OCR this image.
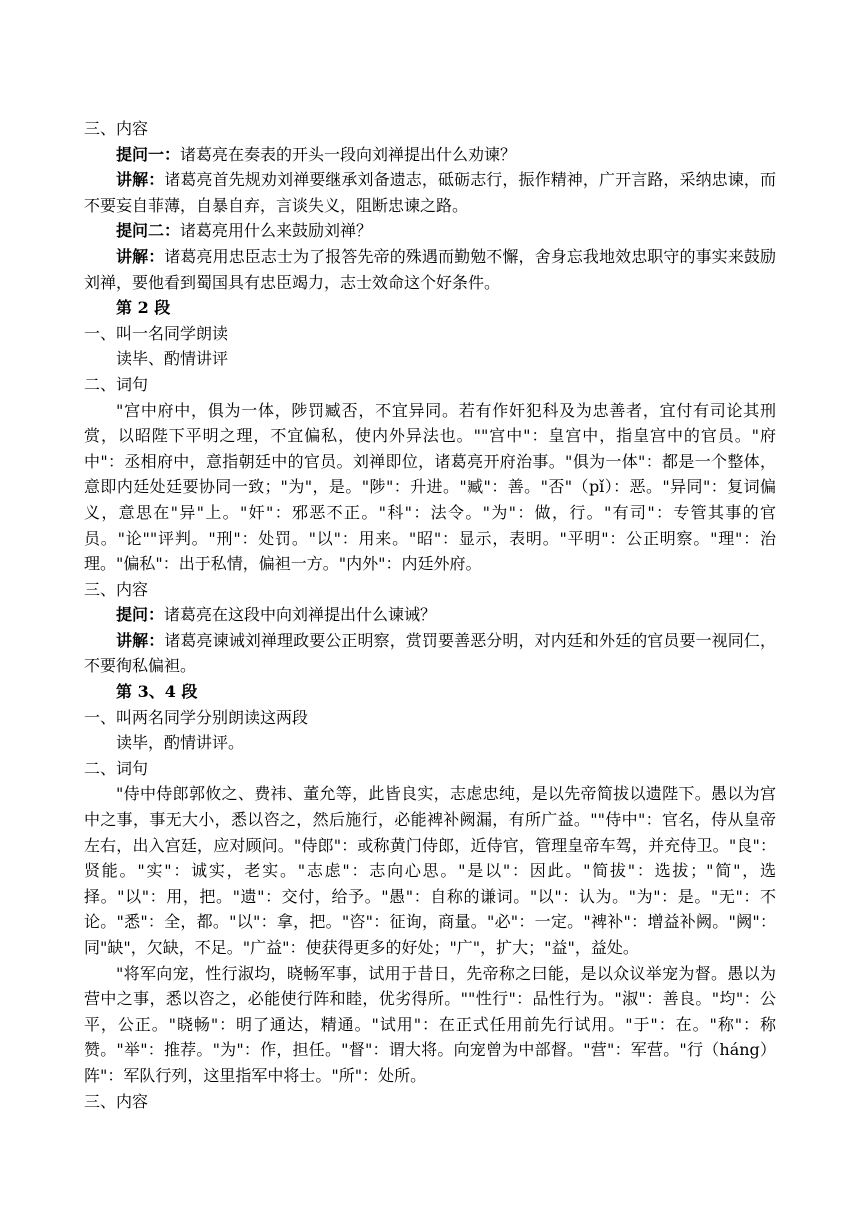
三、内容

提问一：诸葛亮在奏表的开头一段向刘禅提出什么劝谏？

讲解：诸葛亮首先规劝刘禅要继承刘备遗志，砥砺志行，振作精神，广开言路，采纳忠谏，而不要妄自菲薄，自暴自弃，言谈失义，阻断忠谏之路。

提问二：诸葛亮用什么来鼓励刘禅？

讲解：诸葛亮用忠臣志士为了报答先帝的殊遇而勤勉不懈，舍身忘我地效忠职守的事实来鼓励刘禅，要他看到蜀国具有忠臣竭力，志士效命这个好条件。

第 2 段

一、叫一名同学朗读

读毕、酌情讲评

二、词句

"宫中府中，俱为一体，陟罚臧否，不宜异同。若有作奸犯科及为忠善者，宜付有司论其刑赏，以昭陛下平明之理，不宜偏私，使内外异法也。""宫中"：皇宫中，指皇宫中的官员。"府中"：丞相府中，意指朝廷中的官员。刘禅即位，诸葛亮开府治事。"俱为一体"：都是一个整体，意即内廷处廷要协同一致；"为"，是。"陟"：升进。"臧"：善。"否"（pǐ）：恶。"异同"：复词偏义，意思在"异"上。"奸"：邪恶不正。"科"：法令。"为"：做，行。"有司"：专管其事的官员。"论""评判。"刑"：处罚。"以"：用来。"昭"：显示，表明。"平明"：公正明察。"理"：治理。"偏私"：出于私情，偏袒一方。"内外"：内廷外府。

三、内容

提问：诸葛亮在这段中向刘禅提出什么谏诫？

讲解：诸葛亮谏诫刘禅理政要公正明察，赏罚要善恶分明，对内廷和外廷的官员要一视同仁，不要徇私偏袒。

第 3、4 段

一、叫两名同学分别朗读这两段

读毕，酌情讲评。

二、词句

"侍中侍郎郭攸之、费祎、董允等，此皆良实，志虑忠纯，是以先帝简拔以遗陛下。愚以为宫中之事，事无大小，悉以咨之，然后施行，必能裨补阙漏，有所广益。""侍中"：官名，侍从皇帝左右，出入宫廷，应对顾问。"侍郎"：或称黄门侍郎，近侍官，管理皇帝车驾，并充侍卫。"良"：贤能。"实"：诚实，老实。"志虑"：志向心思。"是以"：因此。"简拔"：选拔；"简"，选择。"以"：用，把。"遗"：交付，给予。"愚"：自称的谦词。"以"：认为。"为"：是。"无"：不论。"悉"：全，都。"以"：拿，把。"咨"：征询，商量。"必"：一定。"裨补"：增益补阙。"阙"：同"缺"，欠缺，不足。"广益"：使获得更多的好处；"广"，扩大；"益"，益处。

"将军向宠，性行淑均，晓畅军事，试用于昔日，先帝称之曰能，是以众议举宠为督。愚以为营中之事，悉以咨之，必能使行阵和睦，优劣得所。""性行"：品性行为。"淑"：善良。"均"：公平，公正。"晓畅"：明了通达，精通。"试用"：在正式任用前先行试用。"于"：在。"称"：称赞。"举"：推荐。"为"：作，担任。"督"：谓大将。向宠曾为中部督。"营"：军营。"行（háng）阵"：军队行列，这里指军中将士。"所"：处所。

三、内容
